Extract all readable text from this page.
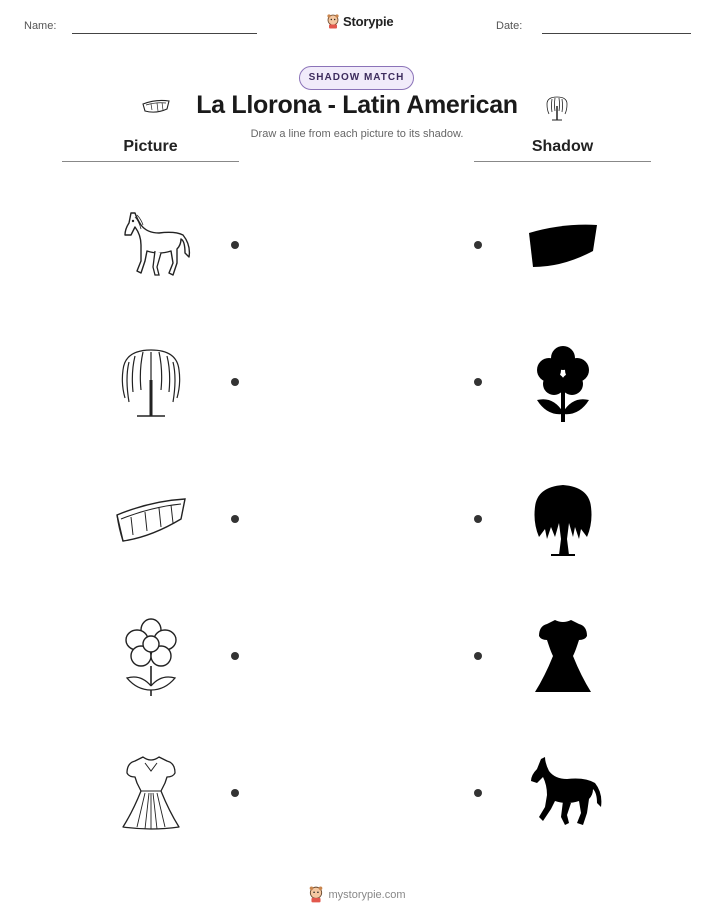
Name:	Storypie	Date:
SHADOW MATCH
La Llorona - Latin American
Draw a line from each picture to its shadow.
Picture	Shadow
mystorypie.com
